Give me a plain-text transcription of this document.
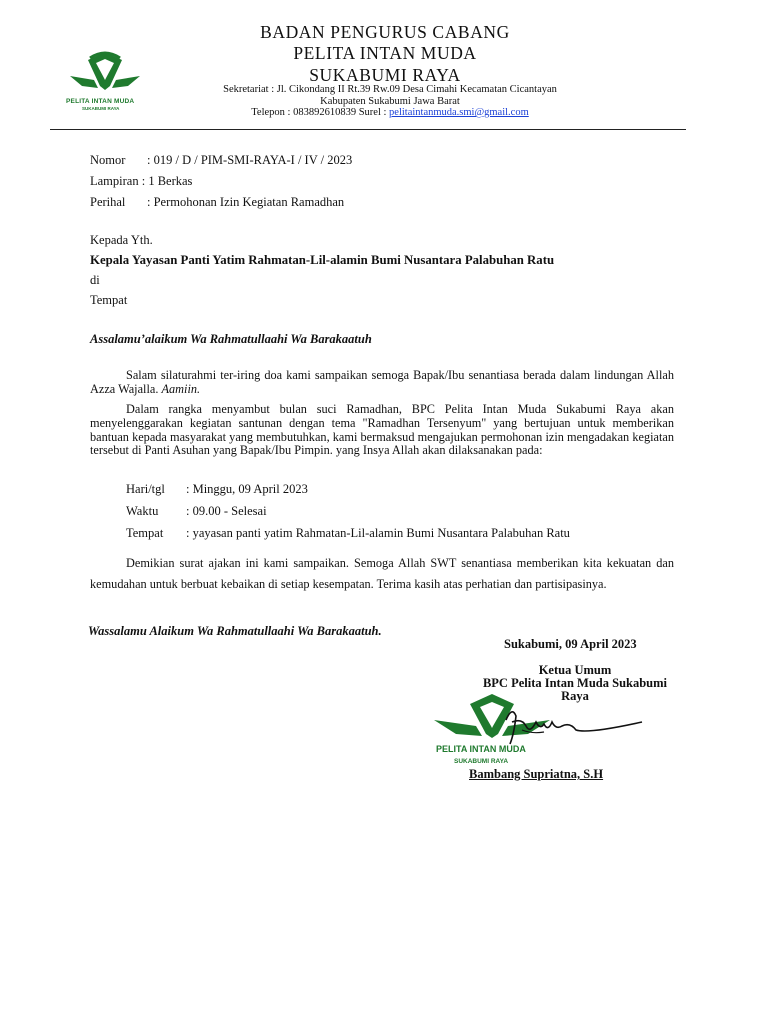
PELITA INTAN MUDA
SUKABUMI RAYA
BADAN PENGURUS CABANG
PELITA INTAN MUDA
SUKABUMI RAYA
Sekretariat : Jl. Cikondang II Rt.39 Rw.09 Desa Cimahi Kecamatan Cicantayan
Kabupaten Sukabumi Jawa Barat
Telepon : 083892610839 Surel : pelitaintanmuda.smi@gmail.com
Nomor : 019 / D / PIM-SMI-RAYA-I / IV / 2023
Lampiran : 1 Berkas
Perihal : Permohonan Izin Kegiatan Ramadhan
Kepada Yth.
Kepala Yayasan Panti Yatim Rahmatan-Lil-alamin Bumi Nusantara Palabuhan Ratu
di
Tempat
Assalamu’alaikum Wa Rahmatullaahi Wa Barakaatuh
Salam silaturahmi ter-iring doa kami sampaikan semoga Bapak/Ibu senantiasa berada dalam lindungan Allah Azza Wajalla. Aamiin.
Dalam rangka menyambut bulan suci Ramadhan, BPC Pelita Intan Muda Sukabumi Raya akan menyelenggarakan kegiatan santunan dengan tema "Ramadhan Tersenyum" yang bertujuan untuk memberikan bantuan kepada masyarakat yang membutuhkan, kami bermaksud mengajukan permohonan izin mengadakan kegiatan tersebut di Panti Asuhan yang Bapak/Ibu Pimpin. yang Insya Allah akan dilaksanakan pada:
Hari/tgl : Minggu, 09 April 2023
Waktu : 09.00 - Selesai
Tempat : yayasan panti yatim Rahmatan-Lil-alamin Bumi Nusantara Palabuhan Ratu
Demikian surat ajakan ini kami sampaikan. Semoga Allah SWT senantiasa memberikan kita kekuatan dan kemudahan untuk berbuat kebaikan di setiap kesempatan. Terima kasih atas perhatian dan partisipasinya.
Wassalamu Alaikum Wa Rahmatullaahi Wa Barakaatuh.
Sukabumi, 09 April 2023
Ketua Umum
BPC Pelita Intan Muda Sukabumi
Raya
PELITA INTAN MUDA
SUKABUMI RAYA
Bambang Supriatna, S.H
